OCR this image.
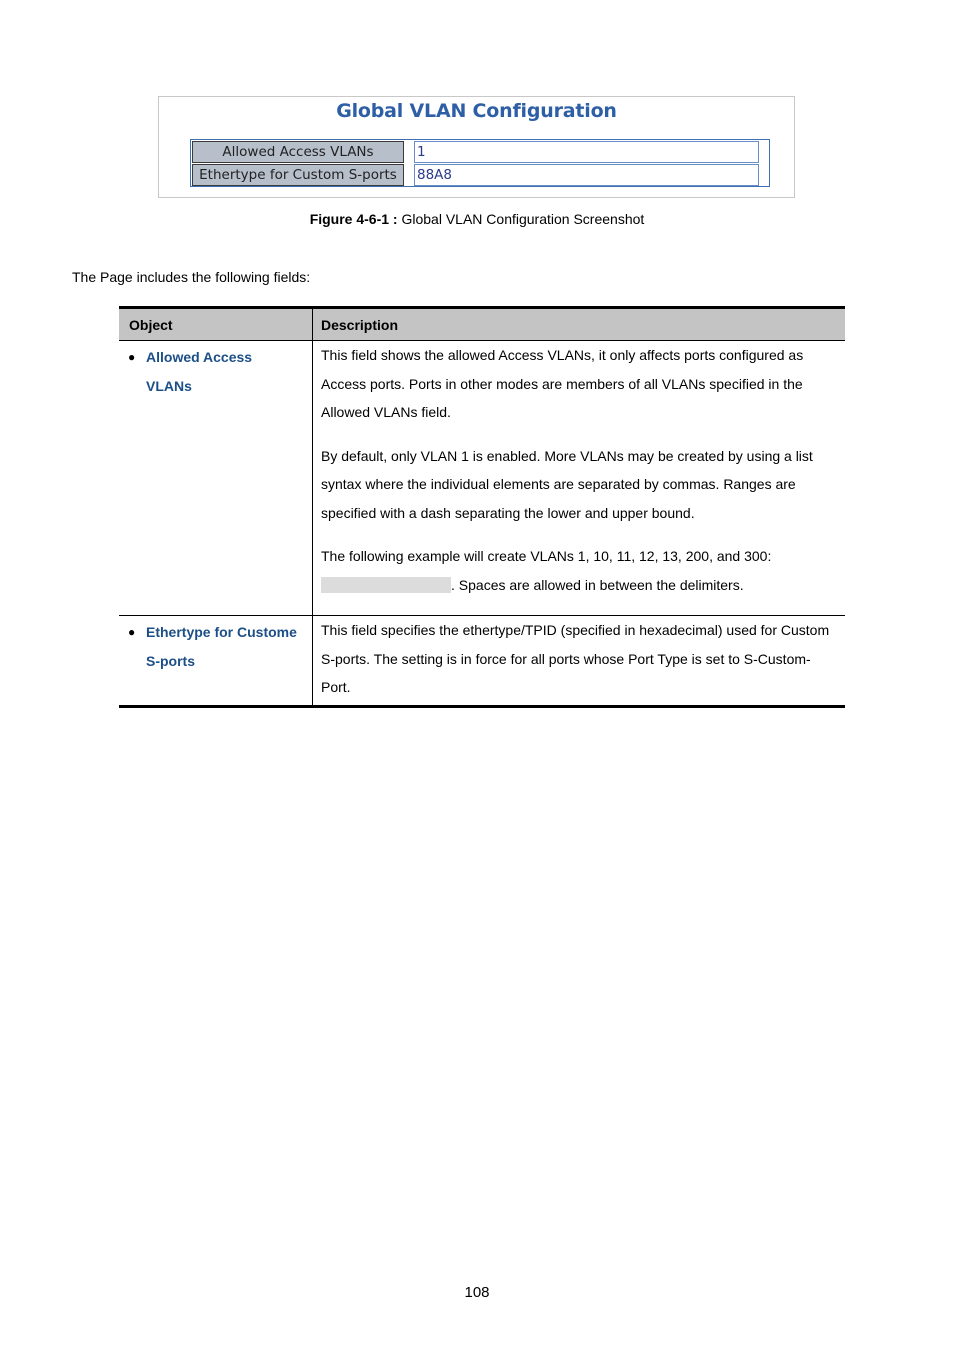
Global VLAN Configuration
Allowed Access VLANs
1
Ethertype for Custom S-ports
88A8
Figure 4-6-1 : Global VLAN Configuration Screenshot
The Page includes the following fields:
Object	Description
● Allowed Access
VLANs

This field shows the allowed Access VLANs, it only affects ports configured as Access ports. Ports in other modes are members of all VLANs specified in the Allowed VLANs field.

By default, only VLAN 1 is enabled. More VLANs may be created by using a list syntax where the individual elements are separated by commas. Ranges are specified with a dash separating the lower and upper bound.

The following example will create VLANs 1, 10, 11, 12, 13, 200, and 300:
. Spaces are allowed in between the delimiters.

● Ethertype for Custome
S-ports

This field specifies the ethertype/TPID (specified in hexadecimal) used for Custom S-ports. The setting is in force for all ports whose Port Type is set to S-Custom-Port.

108
